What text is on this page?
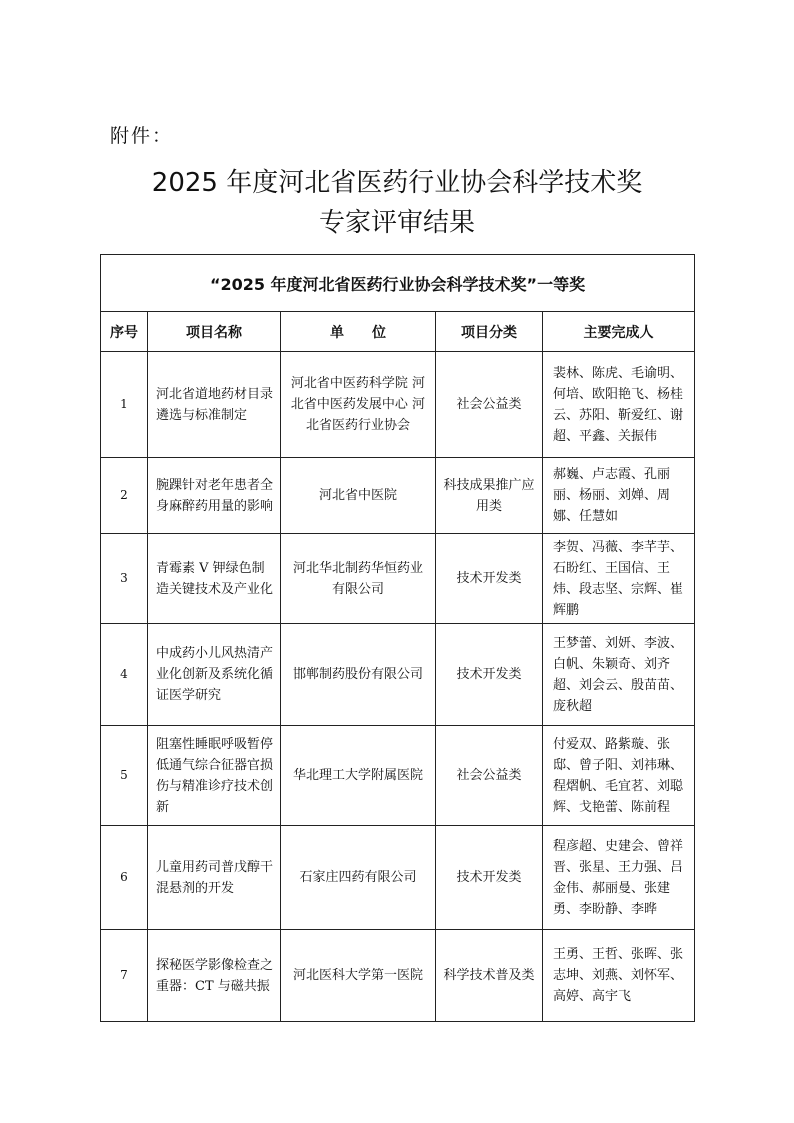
附件：
2025 年度河北省医药行业协会科学技术奖
专家评审结果
“2025 年度河北省医药行业协会科学技术奖”一等奖				
序号	项目名称	单　　位	项目分类	主要完成人
1	河北省道地药材目录遴选与标准制定	河北省中医药科学院 河北省中医药发展中心 河北省医药行业协会	社会公益类	裴林、陈虎、毛谕明、何培、欧阳艳飞、杨桂云、苏阳、靳爱红、谢超、平鑫、关振伟
2	腕踝针对老年患者全身麻醉药用量的影响	河北省中医院	科技成果推广应用类	郝巍、卢志霞、孔丽丽、杨丽、刘婵、周娜、任慧如
3	青霉素 V 钾绿色制造关键技术及产业化	河北华北制药华恒药业有限公司	技术开发类	李贺、冯薇、李芊芋、石盼红、王国信、王炜、段志坚、宗辉、崔辉鹏
4	中成药小儿风热清产业化创新及系统化循证医学研究	邯郸制药股份有限公司	技术开发类	王梦蕾、刘妍、李波、白帆、朱颖奇、刘齐超、刘会云、殷苗苗、庞秋超
5	阻塞性睡眠呼吸暂停低通气综合征器官损伤与精准诊疗技术创新	华北理工大学附属医院	社会公益类	付爱双、路紫璇、张邸、曾子阳、刘祎琳、程熠帆、毛宜茗、刘聪辉、戈艳蕾、陈前程
6	儿童用药司普戊醇干混悬剂的开发	石家庄四药有限公司	技术开发类	程彦超、史建会、曾祥晋、张星、王力强、吕金伟、郝丽曼、张建勇、李盼静、李晔
7	探秘医学影像检查之重器：CT 与磁共振	河北医科大学第一医院	科学技术普及类	王勇、王哲、张晖、张志坤、刘燕、刘怀军、高婷、高宇飞
